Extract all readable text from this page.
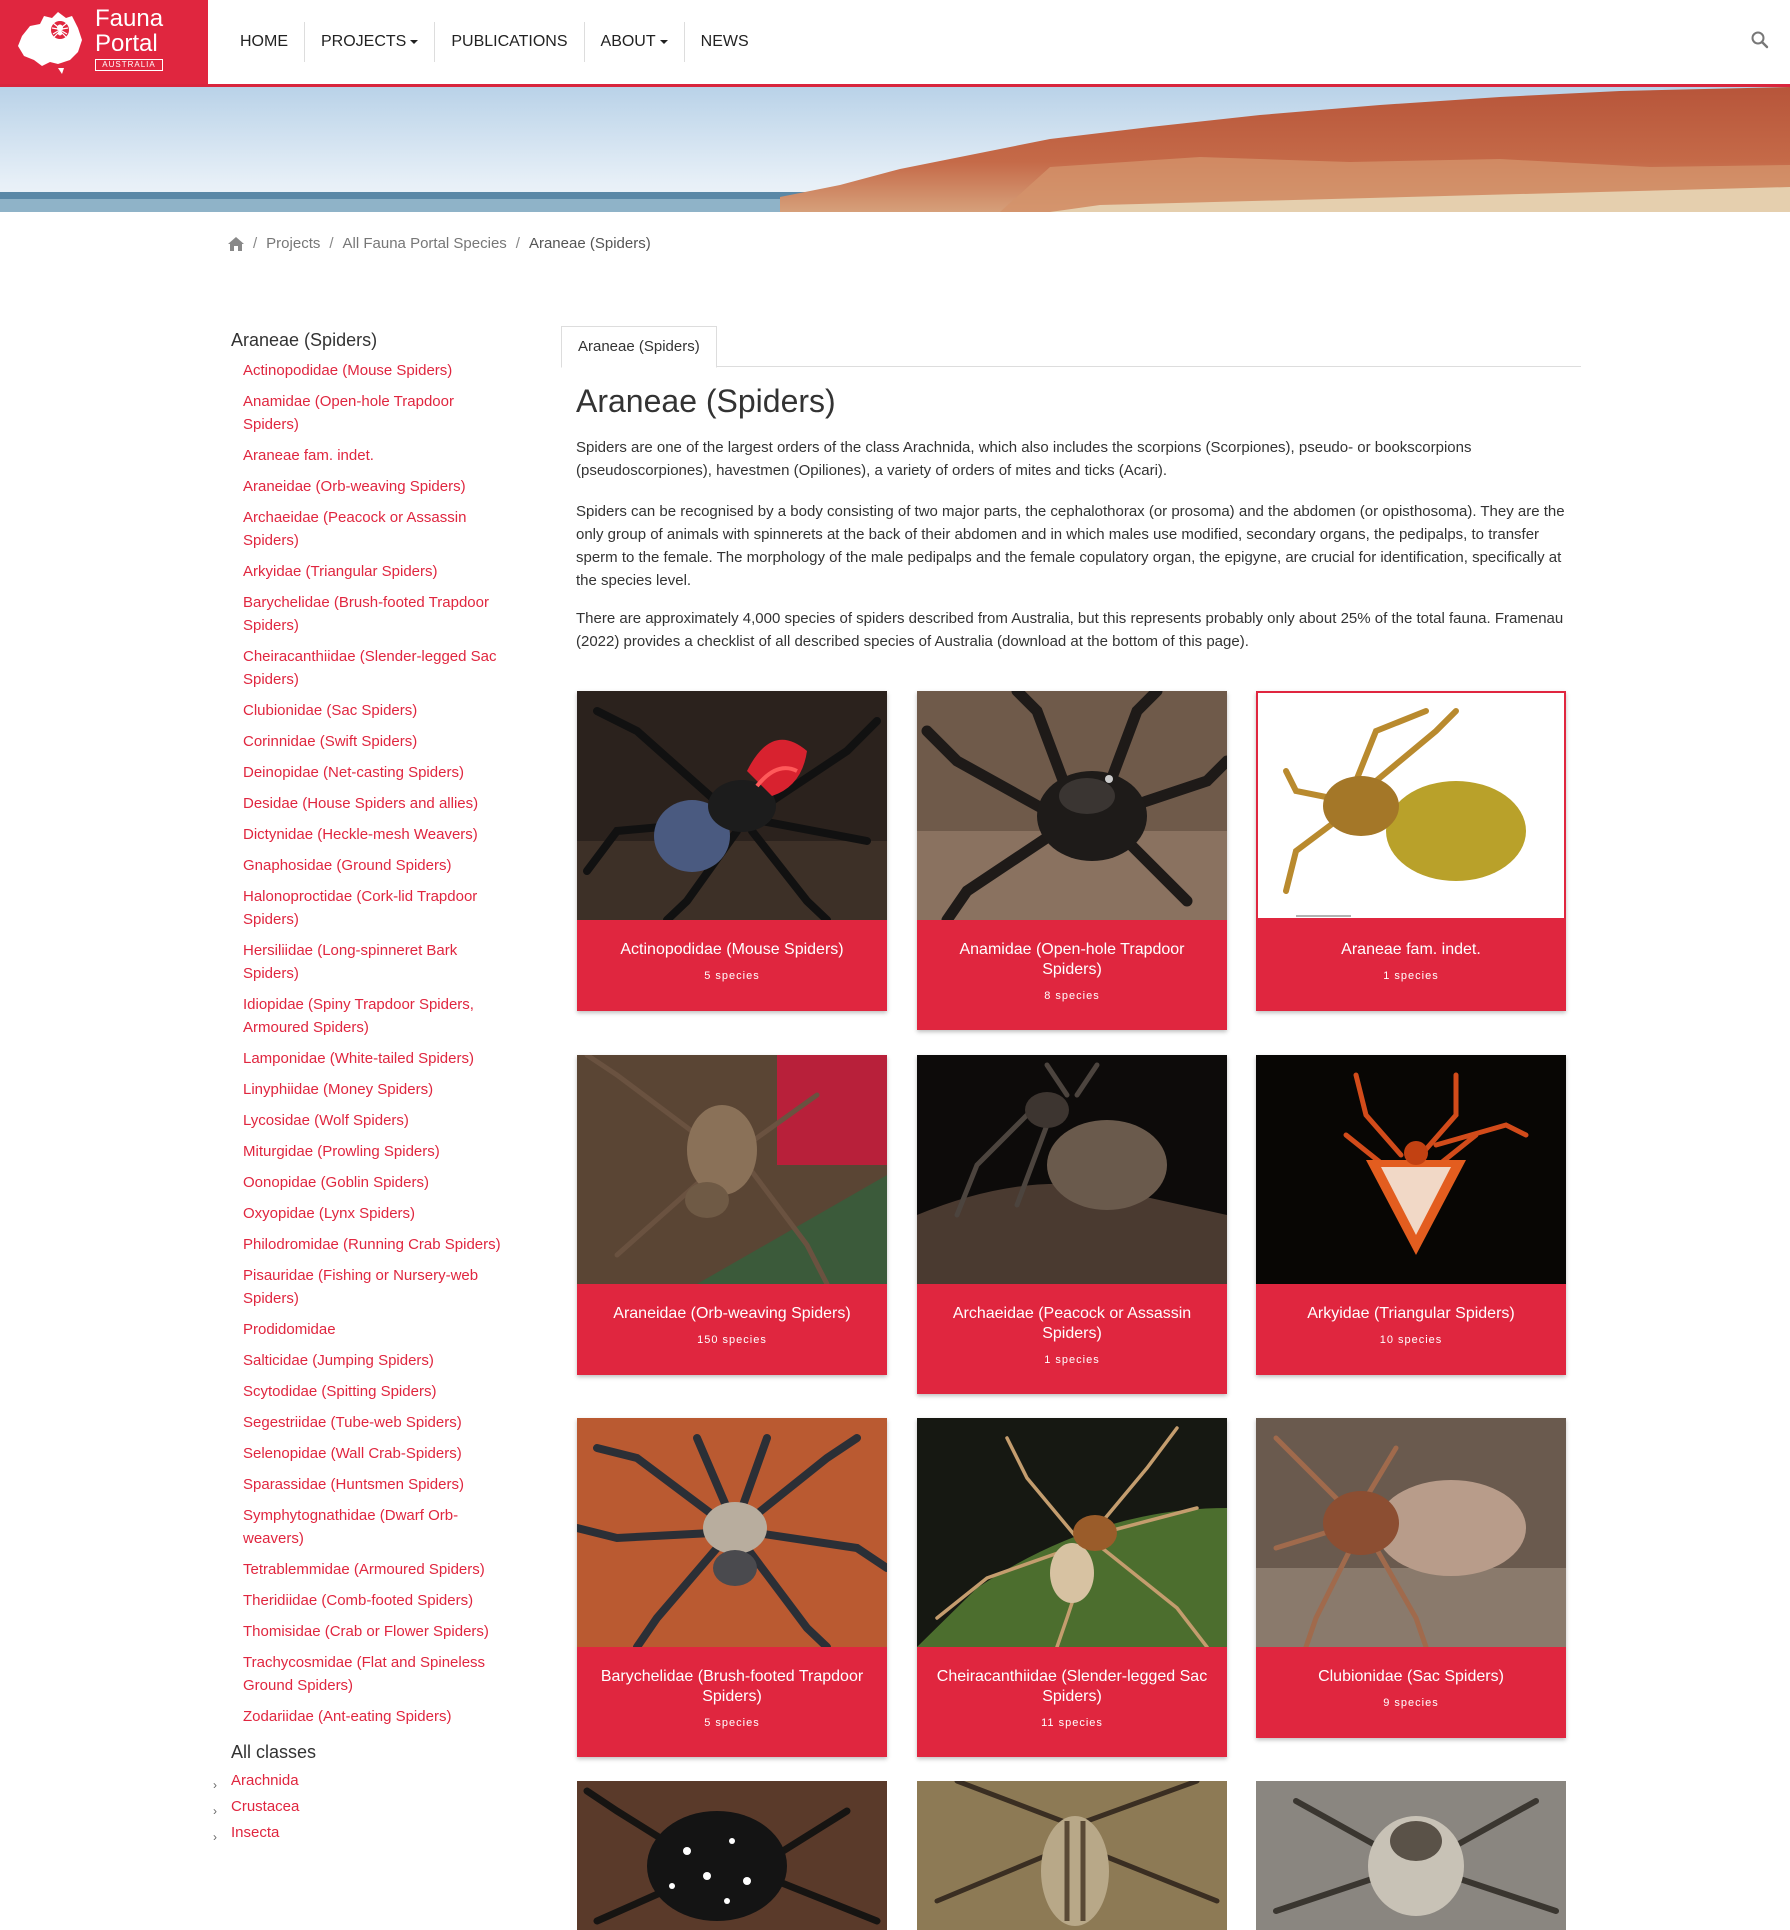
Fauna
Portal
AUSTRALIA
HOME	PROJECTS	PUBLICATIONS	ABOUT	NEWS
/ Projects / All Fauna Portal Species / Araneae (Spiders)
Araneae (Spiders)
Actinopodidae (Mouse Spiders)
Anamidae (Open-hole Trapdoor Spiders)
Araneae fam. indet.
Araneidae (Orb-weaving Spiders)
Archaeidae (Peacock or Assassin Spiders)
Arkyidae (Triangular Spiders)
Barychelidae (Brush-footed Trapdoor Spiders)
Cheiracanthiidae (Slender-legged Sac Spiders)
Clubionidae (Sac Spiders)
Corinnidae (Swift Spiders)
Deinopidae (Net-casting Spiders)
Desidae (House Spiders and allies)
Dictynidae (Heckle-mesh Weavers)
Gnaphosidae (Ground Spiders)
Halonoproctidae (Cork-lid Trapdoor Spiders)
Hersiliidae (Long-spinneret Bark Spiders)
Idiopidae (Spiny Trapdoor Spiders, Armoured Spiders)
Lamponidae (White-tailed Spiders)
Linyphiidae (Money Spiders)
Lycosidae (Wolf Spiders)
Miturgidae (Prowling Spiders)
Oonopidae (Goblin Spiders)
Oxyopidae (Lynx Spiders)
Philodromidae (Running Crab Spiders)
Pisauridae (Fishing or Nursery-web Spiders)
Prodidomidae
Salticidae (Jumping Spiders)
Scytodidae (Spitting Spiders)
Segestriidae (Tube-web Spiders)
Selenopidae (Wall Crab-Spiders)
Sparassidae (Huntsmen Spiders)
Symphytognathidae (Dwarf Orb-weavers)
Tetrablemmidae (Armoured Spiders)
Theridiidae (Comb-footed Spiders)
Thomisidae (Crab or Flower Spiders)
Trachycosmidae (Flat and Spineless Ground Spiders)
Zodariidae (Ant-eating Spiders)
All classes
› Arachnida
› Crustacea
› Insecta
Araneae (Spiders)
Araneae (Spiders)

Spiders are one of the largest orders of the class Arachnida, which also includes the scorpions (Scorpiones), pseudo- or bookscorpions (pseudoscorpiones), havestmen (Opiliones), a variety of orders of mites and ticks (Acari).

Spiders can be recognised by a body consisting of two major parts, the cephalothorax (or prosoma) and the abdomen (or opisthosoma). They are the only group of animals with spinnerets at the back of their abdomen and in which males use modified, secondary organs, the pedipalps, to transfer sperm to the female. The morphology of the male pedipalps and the female copulatory organ, the epigyne, are crucial for identification, specifically at the species level.

There are approximately 4,000 species of spiders described from Australia, but this represents probably only about 25% of the total fauna. Framenau (2022) provides a checklist of all described species of Australia (download at the bottom of this page).

Actinopodidae (Mouse Spiders)
5 species
Anamidae (Open-hole Trapdoor Spiders)
8 species
Araneae fam. indet.
1 species
Araneidae (Orb-weaving Spiders)
150 species
Archaeidae (Peacock or Assassin Spiders)
1 species
Arkyidae (Triangular Spiders)
10 species
Barychelidae (Brush-footed Trapdoor Spiders)
5 species
Cheiracanthiidae (Slender-legged Sac Spiders)
11 species
Clubionidae (Sac Spiders)
9 species
